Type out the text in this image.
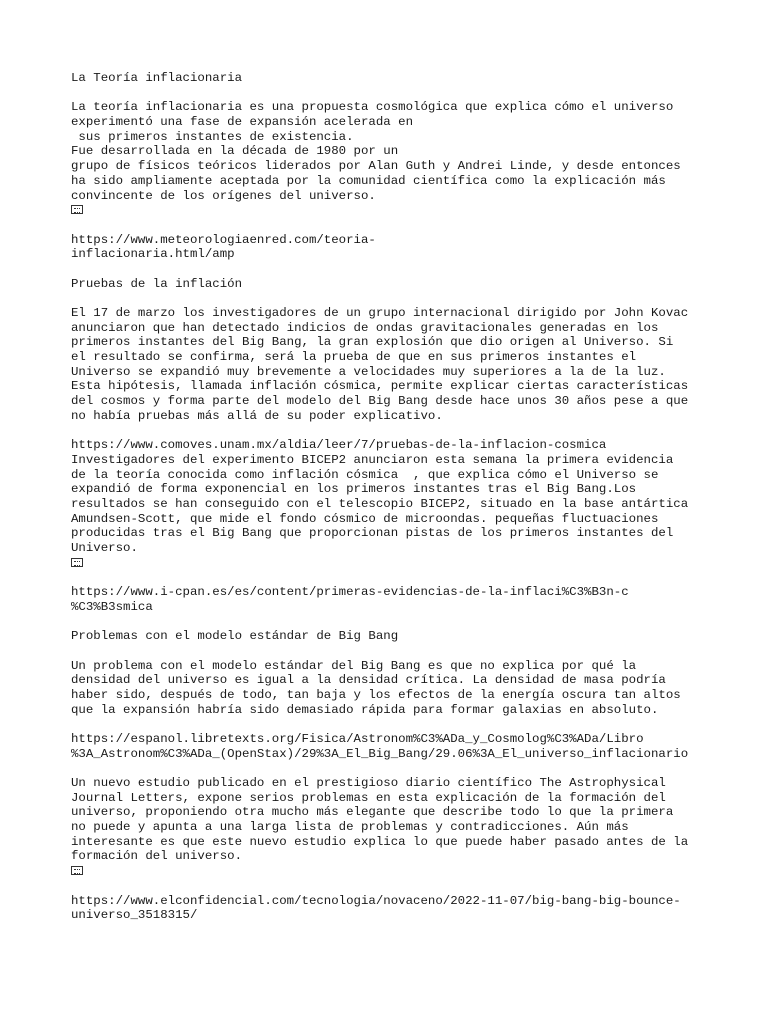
La Teoría inflacionaria
La teoría inflacionaria es una propuesta cosmológica que explica cómo el universo
experimentó una fase de expansión acelerada en
sus primeros instantes de existencia.
Fue desarrollada en la década de 1980 por un
grupo de físicos teóricos liderados por Alan Guth y Andrei Linde, y desde entonces
ha sido ampliamente aceptada por la comunidad científica como la explicación más
convincente de los orígenes del universo.
https://www.meteorologiaenred.com/teoria-
inflacionaria.html/amp
Pruebas de la inflación
El 17 de marzo los investigadores de un grupo internacional dirigido por John Kovac
anunciaron que han detectado indicios de ondas gravitacionales generadas en los
primeros instantes del Big Bang, la gran explosión que dio origen al Universo. Si
el resultado se confirma, será la prueba de que en sus primeros instantes el
Universo se expandió muy brevemente a velocidades muy superiores a la de la luz.
Esta hipótesis, llamada inflación cósmica, permite explicar ciertas características
del cosmos y forma parte del modelo del Big Bang desde hace unos 30 años pese a que
no había pruebas más allá de su poder explicativo.
https://www.comoves.unam.mx/aldia/leer/7/pruebas-de-la-inflacion-cosmica
Investigadores del experimento BICEP2 anunciaron esta semana la primera evidencia
de la teoría conocida como inflación cósmica  , que explica cómo el Universo se
expandió de forma exponencial en los primeros instantes tras el Big Bang.Los
resultados se han conseguido con el telescopio BICEP2, situado en la base antártica
Amundsen-Scott, que mide el fondo cósmico de microondas. pequeñas fluctuaciones
producidas tras el Big Bang que proporcionan pistas de los primeros instantes del
Universo.
https://www.i-cpan.es/es/content/primeras-evidencias-de-la-inflaci%C3%B3n-c
%C3%B3smica
Problemas con el modelo estándar de Big Bang
Un problema con el modelo estándar del Big Bang es que no explica por qué la
densidad del universo es igual a la densidad crítica. La densidad de masa podría
haber sido, después de todo, tan baja y los efectos de la energía oscura tan altos
que la expansión habría sido demasiado rápida para formar galaxias en absoluto.
https://espanol.libretexts.org/Fisica/Astronom%C3%ADa_y_Cosmolog%C3%ADa/Libro
%3A_Astronom%C3%ADa_(OpenStax)/29%3A_El_Big_Bang/29.06%3A_El_universo_inflacionario
Un nuevo estudio publicado en el prestigioso diario científico The Astrophysical
Journal Letters, expone serios problemas en esta explicación de la formación del
universo, proponiendo otra mucho más elegante que describe todo lo que la primera
no puede y apunta a una larga lista de problemas y contradicciones. Aún más
interesante es que este nuevo estudio explica lo que puede haber pasado antes de la
formación del universo.
https://www.elconfidencial.com/tecnologia/novaceno/2022-11-07/big-bang-big-bounce-
universo_3518315/
